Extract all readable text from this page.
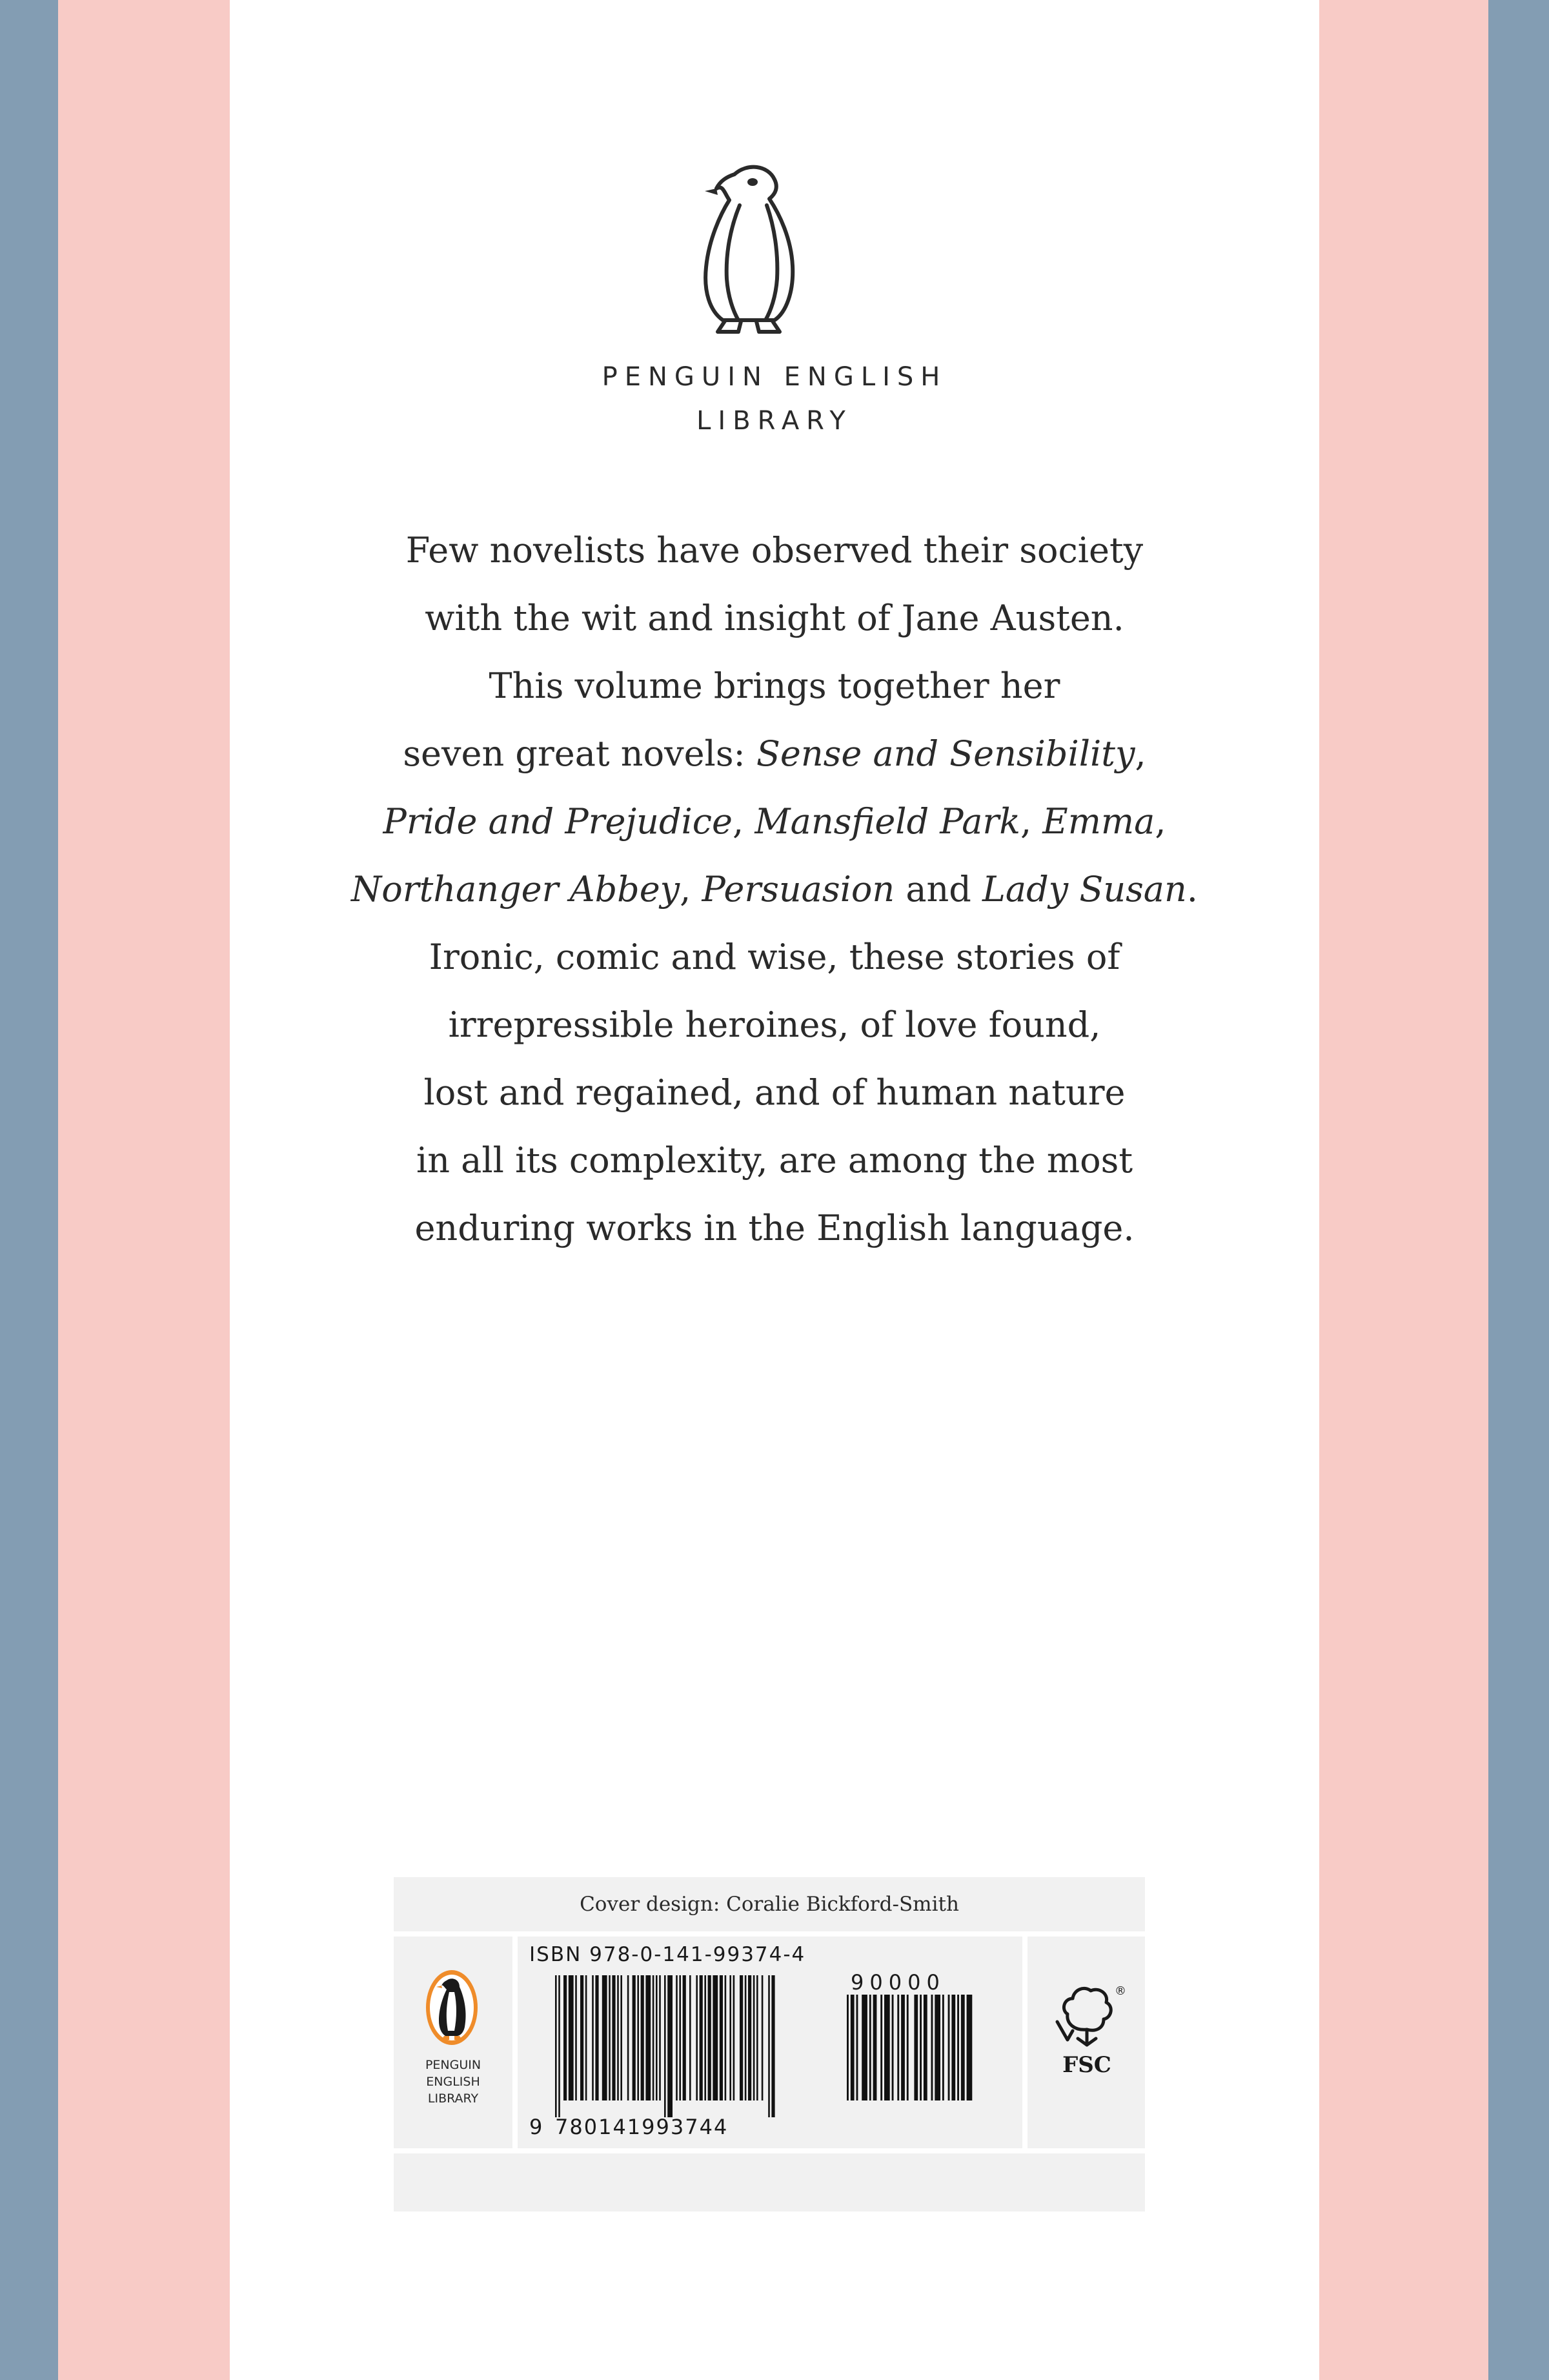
PENGUIN ENGLISH
LIBRARY
Few novelists have observed their society
with the wit and insight of Jane Austen.
This volume brings together her
seven great novels: Sense and Sensibility,
Pride and Prejudice, Mansfield Park, Emma,
Northanger Abbey, Persuasion and Lady Susan.
Ironic, comic and wise, these stories of
irrepressible heroines, of love found,
lost and regained, and of human nature
in all its complexity, are among the most
enduring works in the English language.
Cover design: Coralie Bickford-Smith
PENGUIN
ENGLISH
LIBRARY
ISBN 978-0-141-99374-4
90000
9 780141993744
FSC
®
